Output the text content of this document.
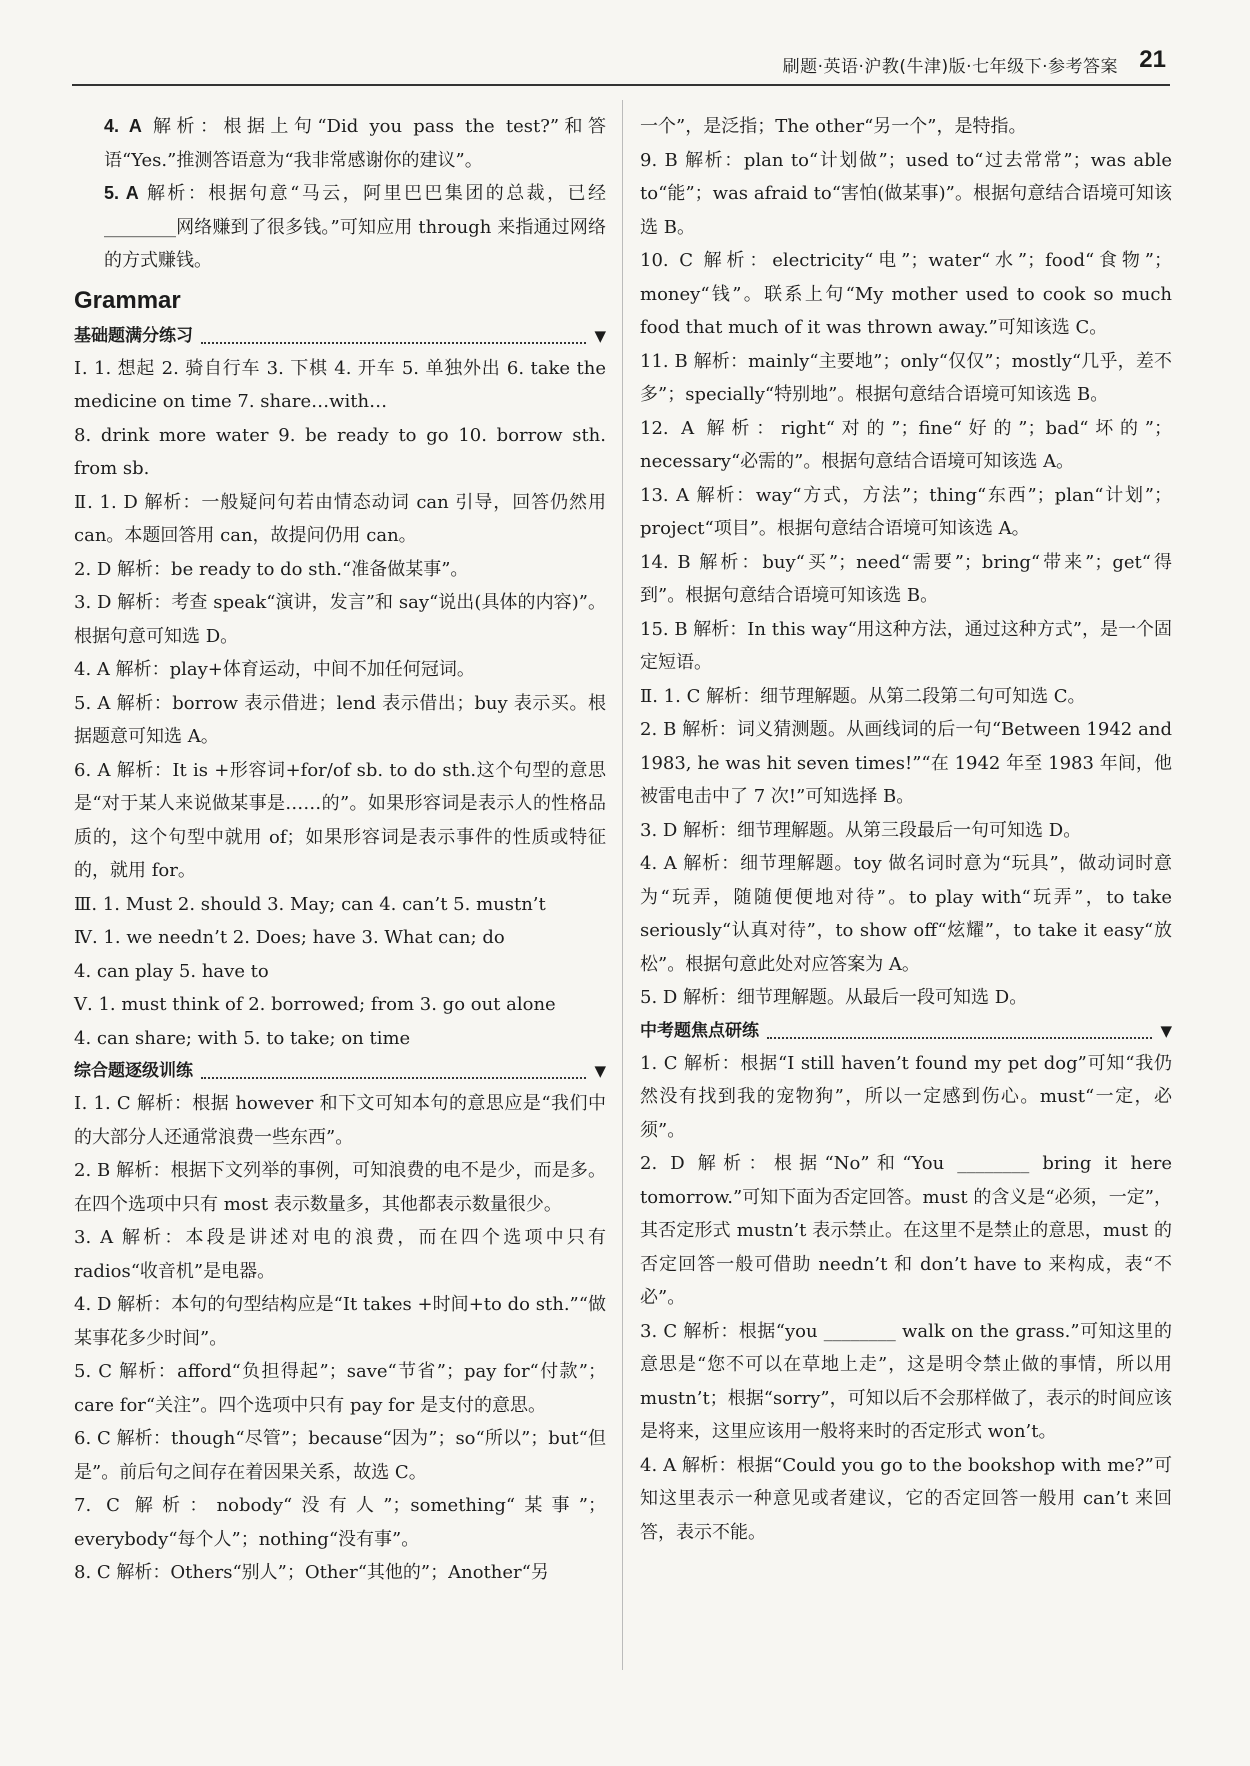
刷题·英语·沪教(牛津)版·七年级下·参考答案 21

4. A 解析：根据上句“Did you pass the test?”和答语“Yes.”推测答语意为“我非常感谢你的建议”。

5. A 解析：根据句意“马云，阿里巴巴集团的总裁，已经________网络赚到了很多钱。”可知应用 through 来指通过网络的方式赚钱。

Grammar
基础题满分练习	▼

Ⅰ. 1. 想起 2. 骑自行车 3. 下棋 4. 开车 5. 单独外出 6. take the medicine on time 7. share…with…

8. drink more water 9. be ready to go 10. borrow sth. from sb.

Ⅱ. 1. D 解析：一般疑问句若由情态动词 can 引导，回答仍然用 can。本题回答用 can，故提问仍用 can。

2. D 解析：be ready to do sth.“准备做某事”。

3. D 解析：考查 speak“演讲，发言”和 say“说出(具体的内容)”。根据句意可知选 D。

4. A 解析：play+体育运动，中间不加任何冠词。

5. A 解析：borrow 表示借进；lend 表示借出；buy 表示买。根据题意可知选 A。

6. A 解析：It is +形容词+for/of sb. to do sth.这个句型的意思是“对于某人来说做某事是……的”。如果形容词是表示人的性格品质的，这个句型中就用 of；如果形容词是表示事件的性质或特征的，就用 for。

Ⅲ. 1. Must 2. should 3. May; can 4. can’t 5. mustn’t

Ⅳ. 1. we needn’t 2. Does; have 3. What can; do

4. can play 5. have to

Ⅴ. 1. must think of 2. borrowed; from 3. go out alone

4. can share; with 5. to take; on time

综合题逐级训练	▼

Ⅰ. 1. C 解析：根据 however 和下文可知本句的意思应是“我们中的大部分人还通常浪费一些东西”。

2. B 解析：根据下文列举的事例，可知浪费的电不是少，而是多。在四个选项中只有 most 表示数量多，其他都表示数量很少。

3. A 解析：本段是讲述对电的浪费，而在四个选项中只有 radios“收音机”是电器。

4. D 解析：本句的句型结构应是“It takes +时间+to do sth.”“做某事花多少时间”。

5. C 解析：afford“负担得起”；save“节省”；pay for“付款”；care for“关注”。四个选项中只有 pay for 是支付的意思。

6. C 解析：though“尽管”；because“因为”；so“所以”；but“但是”。前后句之间存在着因果关系，故选 C。

7. C 解析：nobody“没有人”；something“某事”；everybody“每个人”；nothing“没有事”。

8. C 解析：Others“别人”；Other“其他的”；Another“另

一个”，是泛指；The other“另一个”，是特指。

9. B 解析：plan to“计划做”；used to“过去常常”；was able to“能”；was afraid to“害怕(做某事)”。根据句意结合语境可知该选 B。

10. C 解析：electricity“电”；water“水”；food“食物”；money“钱”。联系上句“My mother used to cook so much food that much of it was thrown away.”可知该选 C。

11. B 解析：mainly“主要地”；only“仅仅”；mostly“几乎，差不多”；specially“特别地”。根据句意结合语境可知该选 B。

12. A 解析：right“对的”；fine“好的”；bad“坏的”；necessary“必需的”。根据句意结合语境可知该选 A。

13. A 解析：way“方式，方法”；thing“东西”；plan“计划”；project“项目”。根据句意结合语境可知该选 A。

14. B 解析：buy“买”；need“需要”；bring“带来”；get“得到”。根据句意结合语境可知该选 B。

15. B 解析：In this way“用这种方法，通过这种方式”，是一个固定短语。

Ⅱ. 1. C 解析：细节理解题。从第二段第二句可知选 C。

2. B 解析：词义猜测题。从画线词的后一句“Between 1942 and 1983, he was hit seven times!”“在 1942 年至 1983 年间，他被雷电击中了 7 次!”可知选择 B。

3. D 解析：细节理解题。从第三段最后一句可知选 D。

4. A 解析：细节理解题。toy 做名词时意为“玩具”，做动词时意为“玩弄，随随便便地对待”。to play with“玩弄”，to take seriously“认真对待”，to show off“炫耀”，to take it easy“放松”。根据句意此处对应答案为 A。

5. D 解析：细节理解题。从最后一段可知选 D。

中考题焦点研练	▼

1. C 解析：根据“I still haven’t found my pet dog”可知“我仍然没有找到我的宠物狗”，所以一定感到伤心。must“一定，必须”。

2. D 解析：根据“No”和“You ________ bring it here tomorrow.”可知下面为否定回答。must 的含义是“必须，一定”，其否定形式 mustn’t 表示禁止。在这里不是禁止的意思，must 的否定回答一般可借助 needn’t 和 don’t have to 来构成，表“不必”。

3. C 解析：根据“you ________ walk on the grass.”可知这里的意思是“您不可以在草地上走”，这是明令禁止做的事情，所以用 mustn’t；根据“sorry”，可知以后不会那样做了，表示的时间应该是将来，这里应该用一般将来时的否定形式 won’t。

4. A 解析：根据“Could you go to the bookshop with me?”可知这里表示一种意见或者建议，它的否定回答一般用 can’t 来回答，表示不能。
